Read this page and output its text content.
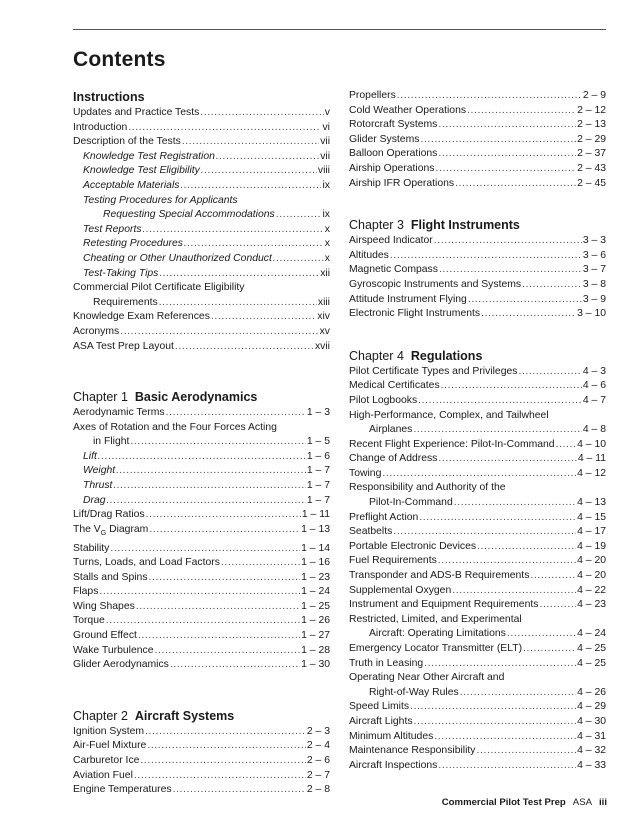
Contents
Instructions
Updates and Practice Tests .....	v
Introduction .....	vi
Description of the Tests .....	vii
Knowledge Test Registration .....	vii
Knowledge Test Eligibility .....	viii
Acceptable Materials .....	ix
Testing Procedures for Applicants
Requesting Special Accommodations .....	ix
Test Reports .....	x
Retesting Procedures .....	x
Cheating or Other Unauthorized Conduct .....	x
Test-Taking Tips .....	xii
Commercial Pilot Certificate Eligibility
Requirements .....	xiii
Knowledge Exam References .....	xiv
Acronyms .....	xv
ASA Test Prep Layout .....	xvii
Chapter 1 Basic Aerodynamics
Aerodynamic Terms .....	1 – 3
Axes of Rotation and the Four Forces Acting
in Flight .....	1 – 5
Lift .....	1 – 6
Weight .....	1 – 7
Thrust .....	1 – 7
Drag .....	1 – 7
Lift/Drag Ratios .....	1 – 11
The $V_G$ Diagram .....	1 – 13
Stability .....	1 – 14
Turns, Loads, and Load Factors .....	1 – 16
Stalls and Spins .....	1 – 23
Flaps .....	1 – 24
Wing Shapes .....	1 – 25
Torque .....	1 – 26
Ground Effect .....	1 – 27
Wake Turbulence .....	1 – 28
Glider Aerodynamics .....	1 – 30
Chapter 2 Aircraft Systems
Ignition System .....	2 – 3
Air-Fuel Mixture .....	2 – 4
Carburetor Ice .....	2 – 6
Aviation Fuel .....	2 – 7
Engine Temperatures .....	2 – 8
Propellers .....	2 – 9
Cold Weather Operations .....	2 – 12
Rotorcraft Systems .....	2 – 13
Glider Systems .....	2 – 29
Balloon Operations .....	2 – 37
Airship Operations .....	2 – 43
Airship IFR Operations .....	2 – 45
Chapter 3 Flight Instruments
Airspeed Indicator .....	3 – 3
Altitudes .....	3 – 6
Magnetic Compass .....	3 – 7
Gyroscopic Instruments and Systems .....	3 – 8
Attitude Instrument Flying .....	3 – 9
Electronic Flight Instruments .....	3 – 10
Chapter 4 Regulations
Pilot Certificate Types and Privileges .....	4 – 3
Medical Certificates .....	4 – 6
Pilot Logbooks .....	4 – 7
High-Performance, Complex, and Tailwheel
Airplanes .....	4 – 8
Recent Flight Experience: Pilot-In-Command ..... 4 – 10
Change of Address .....	4 – 11
Towing .....	4 – 12
Responsibility and Authority of the
Pilot-In-Command .....	4 – 13
Preflight Action .....	4 – 15
Seatbelts .....	4 – 17
Portable Electronic Devices .....	4 – 19
Fuel Requirements .....	4 – 20
Transponder and ADS-B Requirements .....	4 – 20
Supplemental Oxygen .....	4 – 22
Instrument and Equipment Requirements .....	4 – 23
Restricted, Limited, and Experimental
Aircraft: Operating Limitations .....	4 – 24
Emergency Locator Transmitter (ELT) .....	4 – 25
Truth in Leasing .....	4 – 25
Operating Near Other Aircraft and
Right-of-Way Rules .....	4 – 26
Speed Limits .....	4 – 29
Aircraft Lights .....	4 – 30
Minimum Altitudes .....	4 – 31
Maintenance Responsibility .....	4 – 32
Aircraft Inspections .....	4 – 33
Commercial Pilot Test Prep ASA iii
